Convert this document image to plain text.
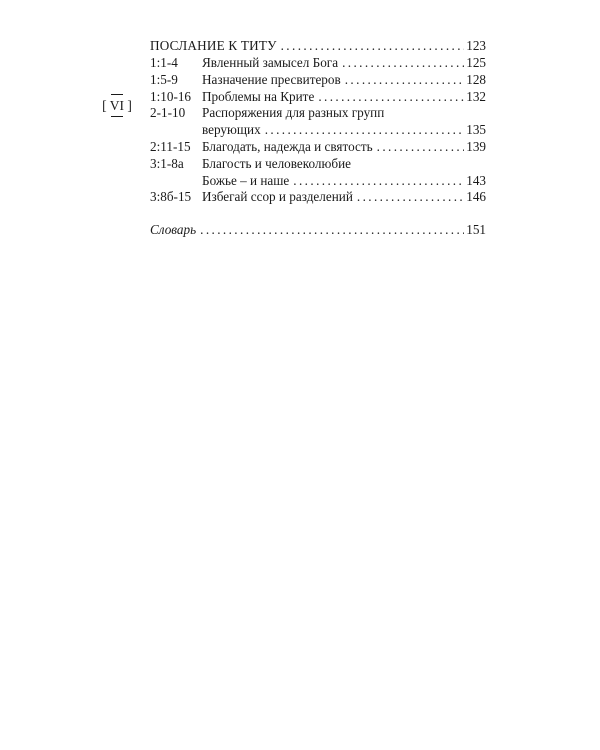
[ VI ]
ПОСЛАНИЕ К ТИТУ .....	123
1:1-4 Явленный замысел Бога .....	125
1:5-9 Назначение пресвитеров .....	128
1:10-16 Проблемы на Крите .....	132
2-1-10 Распоряжения для разных групп
верующих .....	135
2:11-15 Благодать, надежда и святость .....	139
3:1-8а Благость и человеколюбие
Божье – и наше .....	143
3:8б-15 Избегай ссор и разделений .....	146
Словарь .....	151
